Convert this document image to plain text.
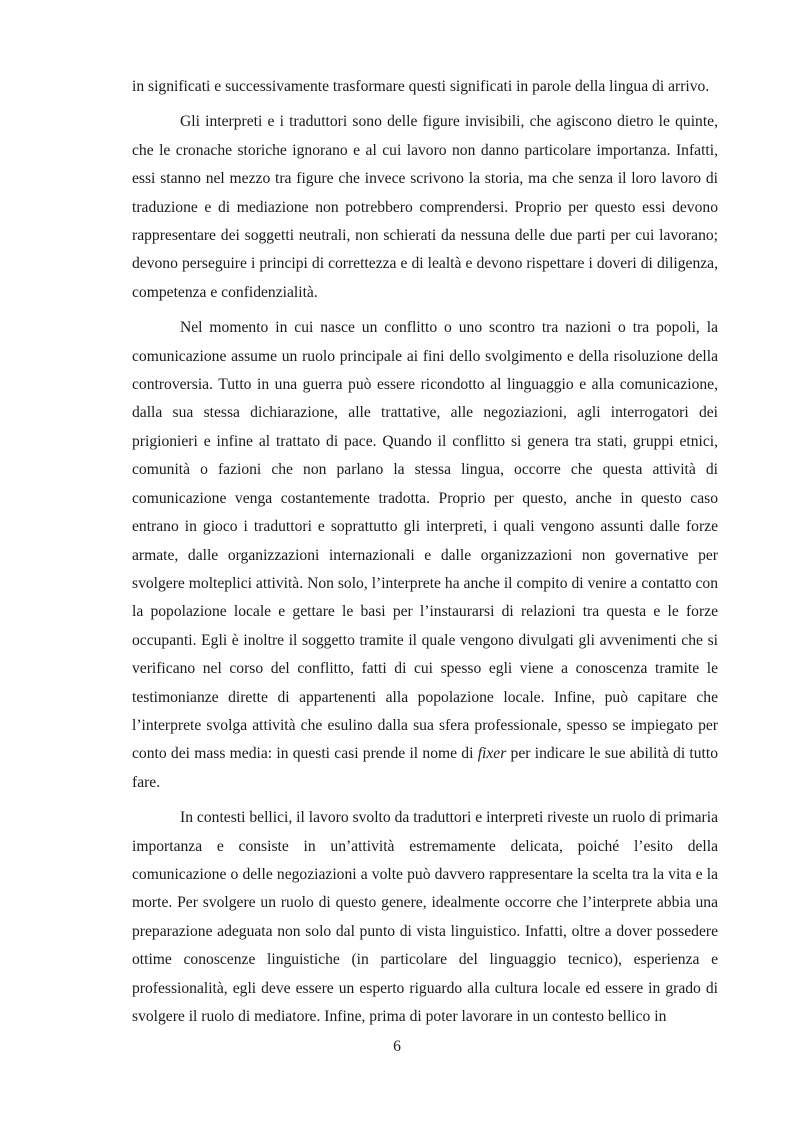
in significati e successivamente trasformare questi significati in parole della lingua di arrivo.

Gli interpreti e i traduttori sono delle figure invisibili, che agiscono dietro le quinte, che le cronache storiche ignorano e al cui lavoro non danno particolare importanza. Infatti, essi stanno nel mezzo tra figure che invece scrivono la storia, ma che senza il loro lavoro di traduzione e di mediazione non potrebbero comprendersi. Proprio per questo essi devono rappresentare dei soggetti neutrali, non schierati da nessuna delle due parti per cui lavorano; devono perseguire i principi di correttezza e di lealtà e devono rispettare i doveri di diligenza, competenza e confidenzialità.

Nel momento in cui nasce un conflitto o uno scontro tra nazioni o tra popoli, la comunicazione assume un ruolo principale ai fini dello svolgimento e della risoluzione della controversia. Tutto in una guerra può essere ricondotto al linguaggio e alla comunicazione, dalla sua stessa dichiarazione, alle trattative, alle negoziazioni, agli interrogatori dei prigionieri e infine al trattato di pace. Quando il conflitto si genera tra stati, gruppi etnici, comunità o fazioni che non parlano la stessa lingua, occorre che questa attività di comunicazione venga costantemente tradotta. Proprio per questo, anche in questo caso entrano in gioco i traduttori e soprattutto gli interpreti, i quali vengono assunti dalle forze armate, dalle organizzazioni internazionali e dalle organizzazioni non governative per svolgere molteplici attività. Non solo, l’interprete ha anche il compito di venire a contatto con la popolazione locale e gettare le basi per l’instaurarsi di relazioni tra questa e le forze occupanti. Egli è inoltre il soggetto tramite il quale vengono divulgati gli avvenimenti che si verificano nel corso del conflitto, fatti di cui spesso egli viene a conoscenza tramite le testimonianze dirette di appartenenti alla popolazione locale. Infine, può capitare che l’interprete svolga attività che esulino dalla sua sfera professionale, spesso se impiegato per conto dei mass media: in questi casi prende il nome di fixer per indicare le sue abilità di tutto fare.

In contesti bellici, il lavoro svolto da traduttori e interpreti riveste un ruolo di primaria importanza e consiste in un’attività estremamente delicata, poiché l’esito della comunicazione o delle negoziazioni a volte può davvero rappresentare la scelta tra la vita e la morte. Per svolgere un ruolo di questo genere, idealmente occorre che l’interprete abbia una preparazione adeguata non solo dal punto di vista linguistico. Infatti, oltre a dover possedere ottime conoscenze linguistiche (in particolare del linguaggio tecnico), esperienza e professionalità, egli deve essere un esperto riguardo alla cultura locale ed essere in grado di svolgere il ruolo di mediatore. Infine, prima di poter lavorare in un contesto bellico in

6
